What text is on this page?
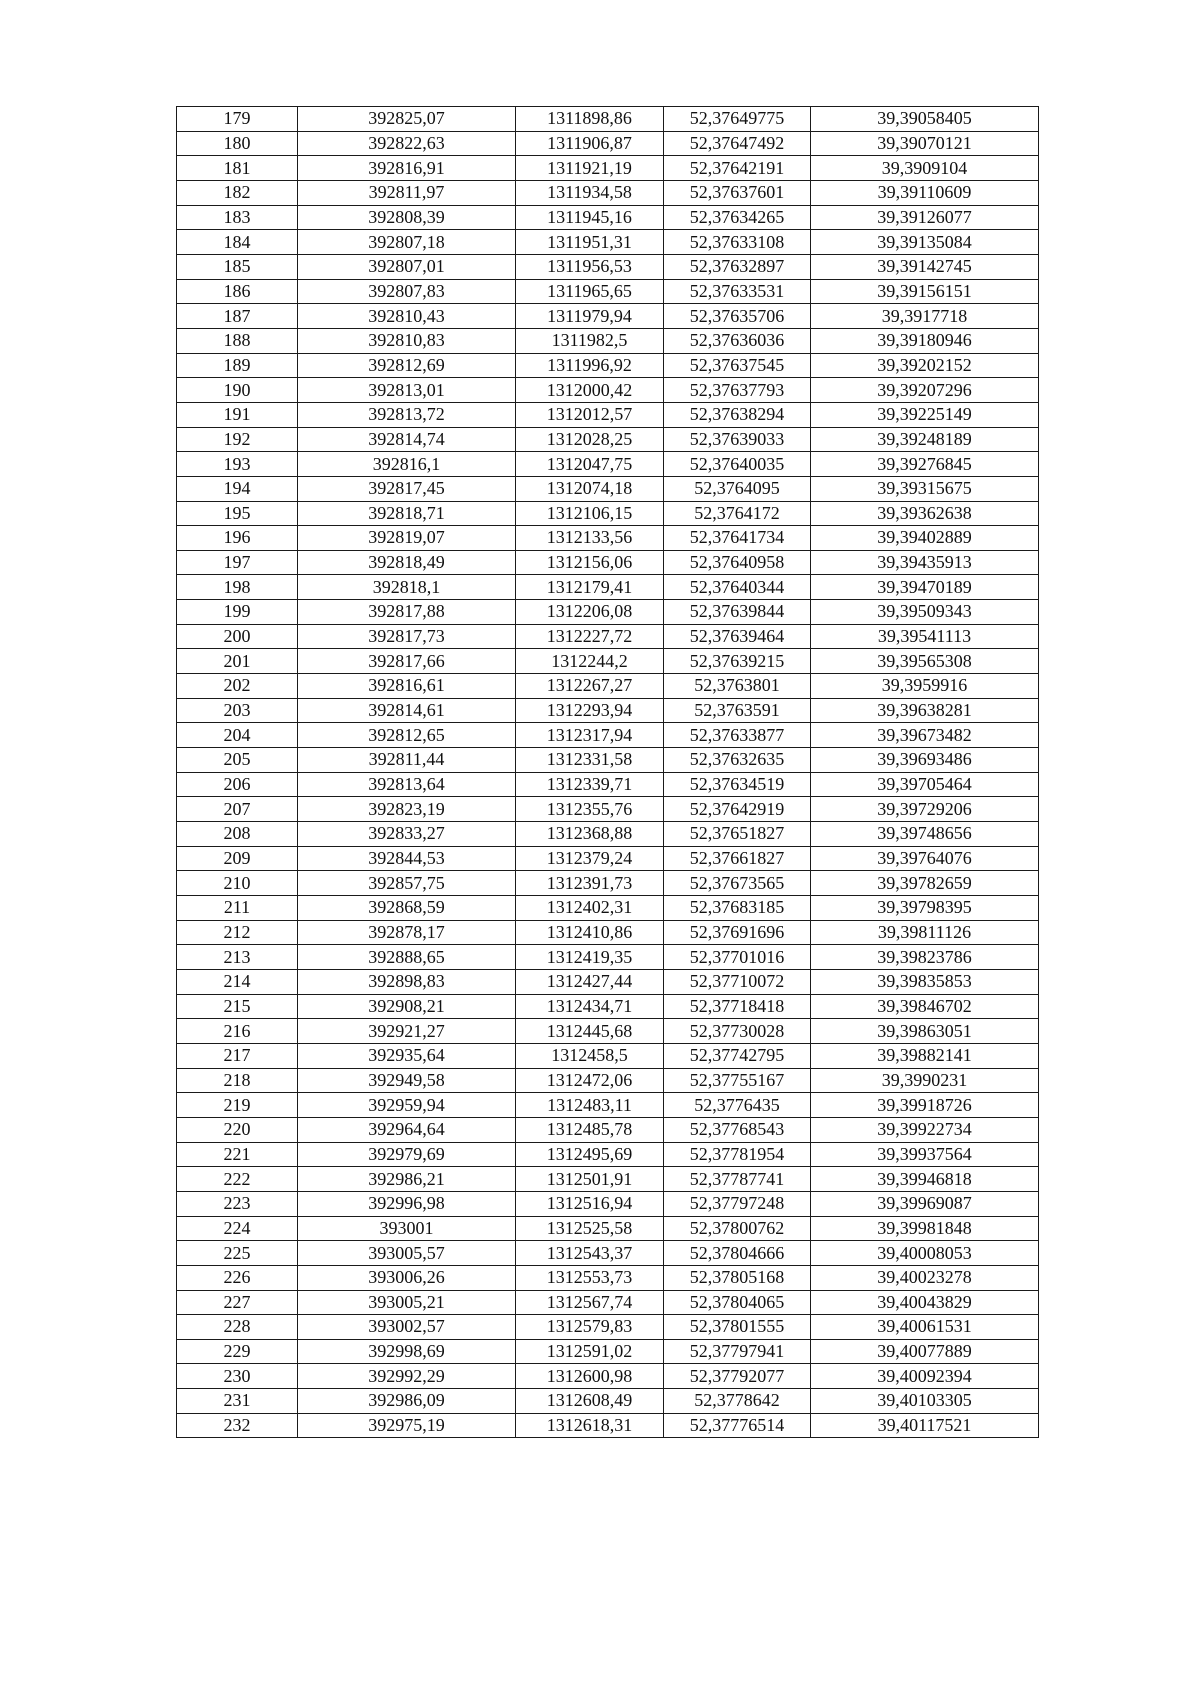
179	392825,07	1311898,86	52,37649775	39,39058405
180	392822,63	1311906,87	52,37647492	39,39070121
181	392816,91	1311921,19	52,37642191	39,3909104
182	392811,97	1311934,58	52,37637601	39,39110609
183	392808,39	1311945,16	52,37634265	39,39126077
184	392807,18	1311951,31	52,37633108	39,39135084
185	392807,01	1311956,53	52,37632897	39,39142745
186	392807,83	1311965,65	52,37633531	39,39156151
187	392810,43	1311979,94	52,37635706	39,3917718
188	392810,83	1311982,5	52,37636036	39,39180946
189	392812,69	1311996,92	52,37637545	39,39202152
190	392813,01	1312000,42	52,37637793	39,39207296
191	392813,72	1312012,57	52,37638294	39,39225149
192	392814,74	1312028,25	52,37639033	39,39248189
193	392816,1	1312047,75	52,37640035	39,39276845
194	392817,45	1312074,18	52,3764095	39,39315675
195	392818,71	1312106,15	52,3764172	39,39362638
196	392819,07	1312133,56	52,37641734	39,39402889
197	392818,49	1312156,06	52,37640958	39,39435913
198	392818,1	1312179,41	52,37640344	39,39470189
199	392817,88	1312206,08	52,37639844	39,39509343
200	392817,73	1312227,72	52,37639464	39,39541113
201	392817,66	1312244,2	52,37639215	39,39565308
202	392816,61	1312267,27	52,3763801	39,3959916
203	392814,61	1312293,94	52,3763591	39,39638281
204	392812,65	1312317,94	52,37633877	39,39673482
205	392811,44	1312331,58	52,37632635	39,39693486
206	392813,64	1312339,71	52,37634519	39,39705464
207	392823,19	1312355,76	52,37642919	39,39729206
208	392833,27	1312368,88	52,37651827	39,39748656
209	392844,53	1312379,24	52,37661827	39,39764076
210	392857,75	1312391,73	52,37673565	39,39782659
211	392868,59	1312402,31	52,37683185	39,39798395
212	392878,17	1312410,86	52,37691696	39,39811126
213	392888,65	1312419,35	52,37701016	39,39823786
214	392898,83	1312427,44	52,37710072	39,39835853
215	392908,21	1312434,71	52,37718418	39,39846702
216	392921,27	1312445,68	52,37730028	39,39863051
217	392935,64	1312458,5	52,37742795	39,39882141
218	392949,58	1312472,06	52,37755167	39,3990231
219	392959,94	1312483,11	52,3776435	39,39918726
220	392964,64	1312485,78	52,37768543	39,39922734
221	392979,69	1312495,69	52,37781954	39,39937564
222	392986,21	1312501,91	52,37787741	39,39946818
223	392996,98	1312516,94	52,37797248	39,39969087
224	393001	1312525,58	52,37800762	39,39981848
225	393005,57	1312543,37	52,37804666	39,40008053
226	393006,26	1312553,73	52,37805168	39,40023278
227	393005,21	1312567,74	52,37804065	39,40043829
228	393002,57	1312579,83	52,37801555	39,40061531
229	392998,69	1312591,02	52,37797941	39,40077889
230	392992,29	1312600,98	52,37792077	39,40092394
231	392986,09	1312608,49	52,3778642	39,40103305
232	392975,19	1312618,31	52,37776514	39,40117521
